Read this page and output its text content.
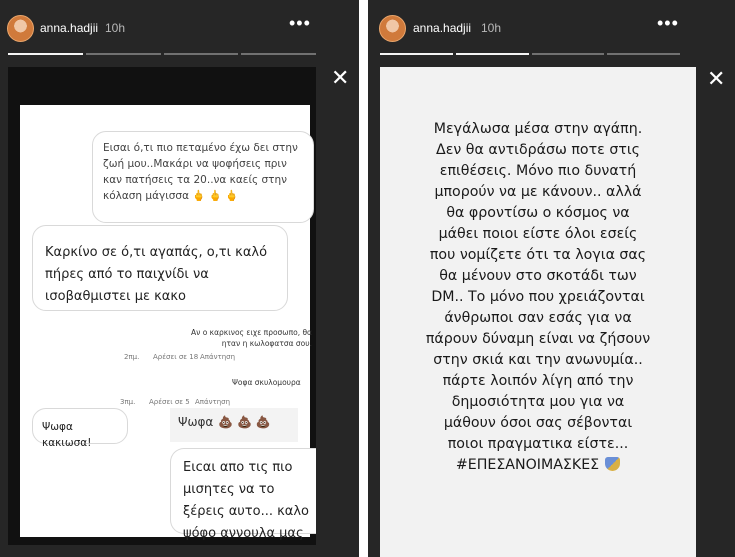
anna.hadjii 10h	•••
✕
Εισαι ό,τι πιο πεταμένο έχω δει στην ζωή μου..Μακάρι να ψοφήσεις πριν καν πατήσεις τα 20..να καείς στην κόλαση μάγισσα 🖕 🖕 🖕
Καρκίνο σε ό,τι αγαπάς, ο,τι καλό πήρες από το παιχνίδι να ισοβαθμιστει με κακο
Αν ο καρκινος ειχε προσωπο, θα ηταν η κωλοφατσα σου.
2πμ. Αρέσει σε 18 Απάντηση
Ψοφα σκυλομουρα
3πμ. Αρέσει σε 5 Απάντηση
Ψωφα κακιωσα!
Ψωφα 💩 💩 💩
Ειcαι απο τις πιο μισητες να το ξέρεις αυτο... καλο ψόφο αννουλα μας
anna.hadjii 10h	•••
✕
Μεγάλωσα μέσα στην αγάπη.
Δεν θα αντιδράσω ποτε στις
επιθέσεις. Μόνο πιο δυνατή
μπορούν να με κάνουν.. αλλά
θα φροντίσω ο κόσμος να
μάθει ποιοι είστε όλοι εσείς
που νομίζετε ότι τα λογια σας
θα μένουν στο σκοτάδι των
DM.. Το μόνο που χρειάζονται
άνθρωποι σαν εσάς για να
πάρουν δύναμη είναι να ζήσουν
στην σκιά και την ανωνυμία..
πάρτε λοιπόν λίγη από την
δημοσιότητα μου για να
μάθουν όσοι σας σέβονται
ποιοι πραγματικα είστε...
#ΕΠΕΣΑΝΟΙΜΑΣΚΕΣ
